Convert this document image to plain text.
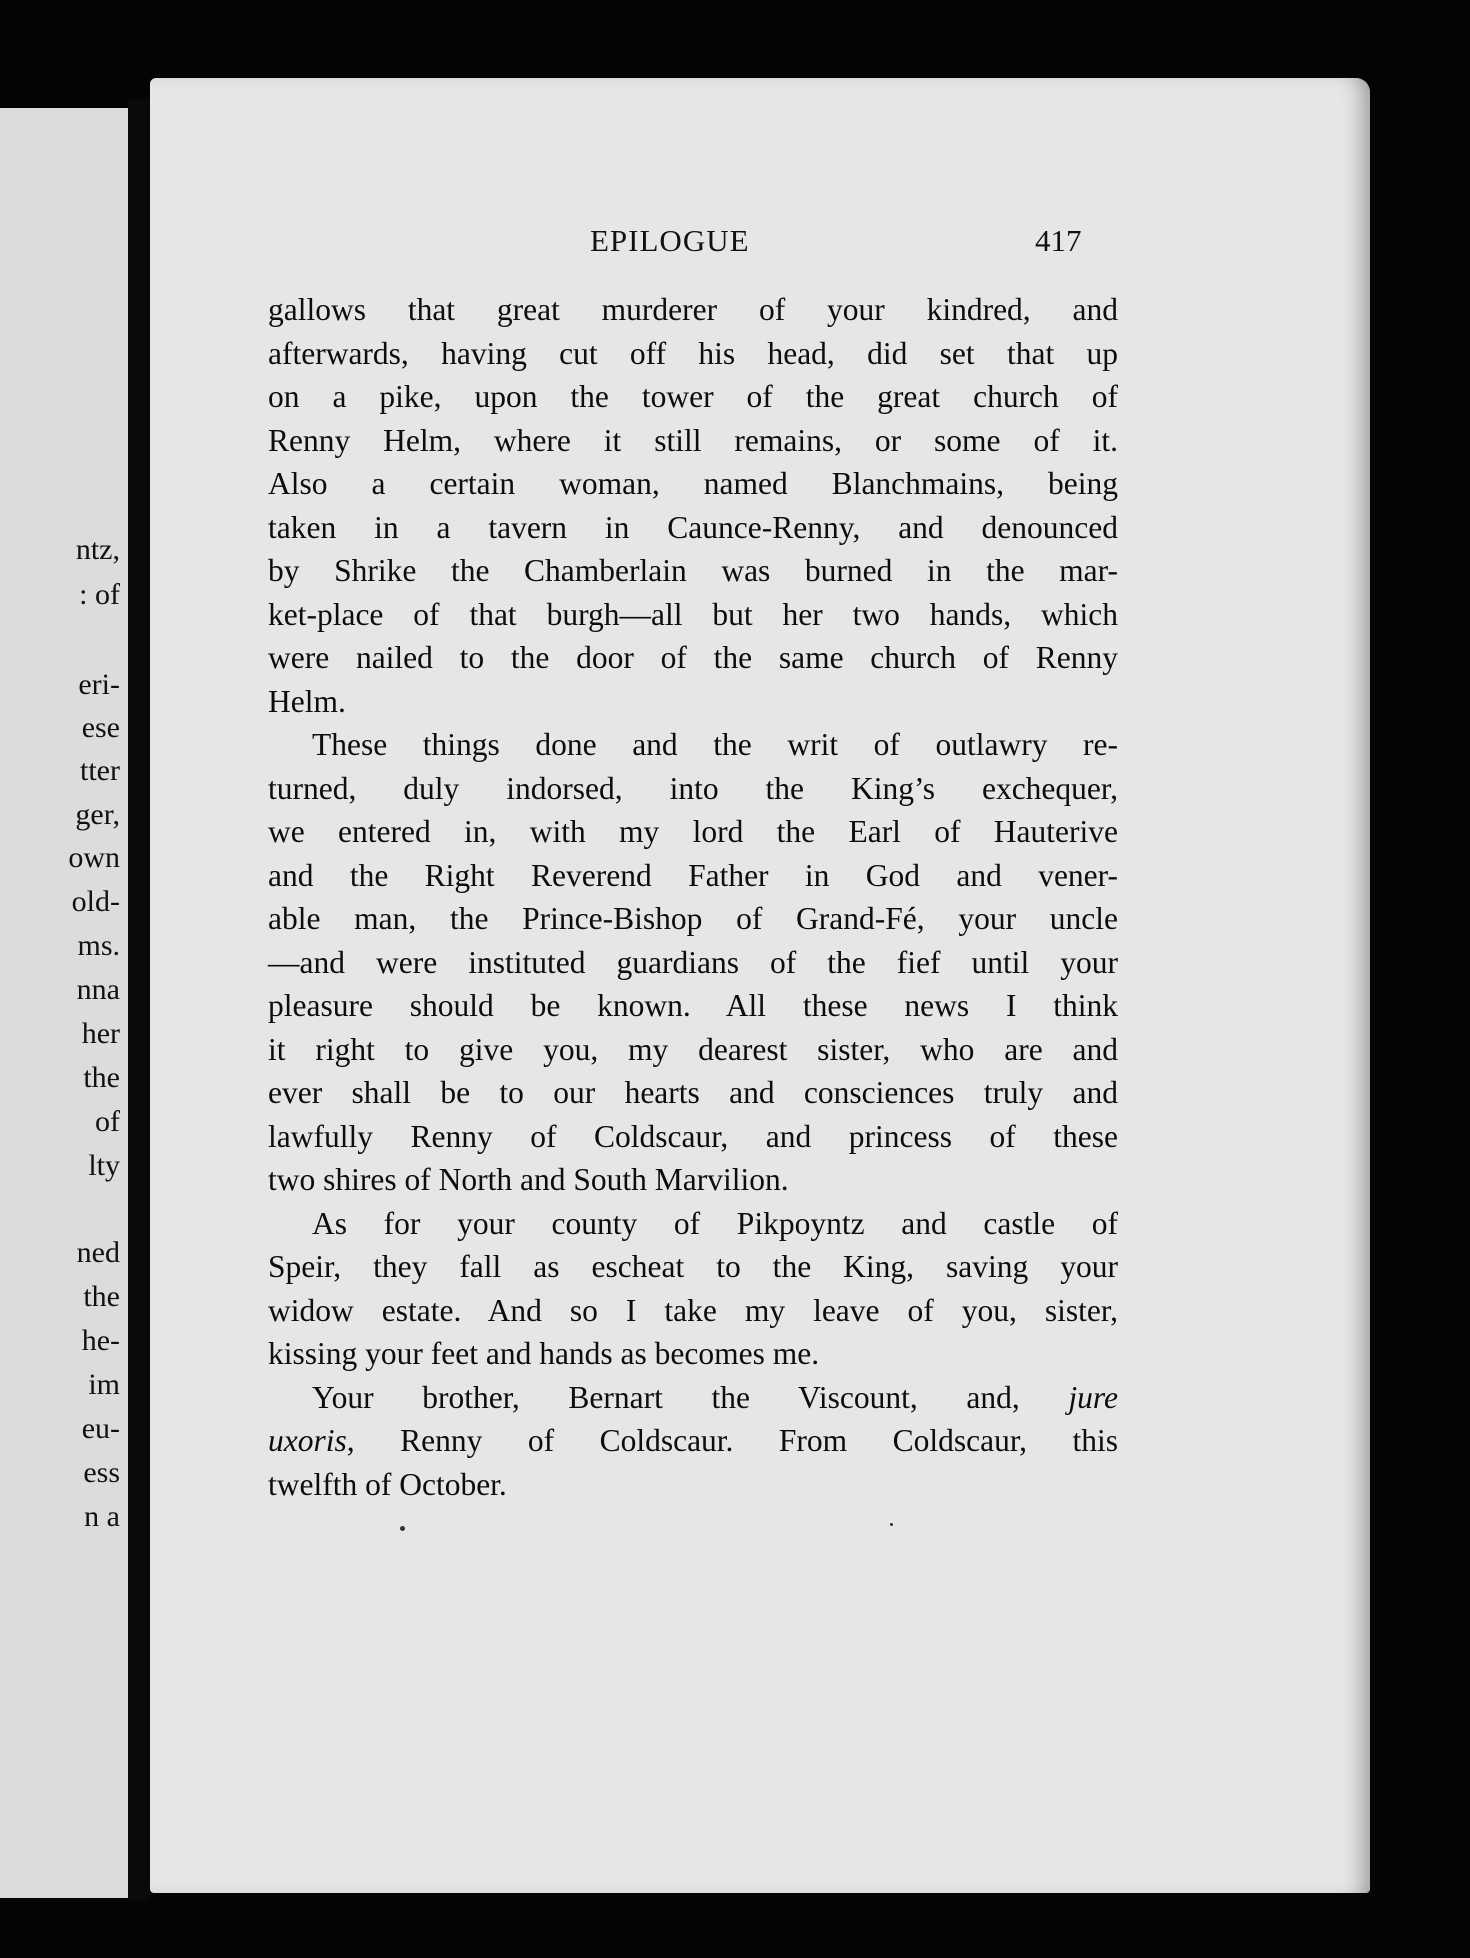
ntz,
: of
eri-
ese
tter
ger,
own
old-
ms.
nna
her
the
of
lty
ned
the
he-
im
eu-
ess
n a
EPILOGUE	417

gallows that great murderer of your kindred, and
afterwards, having cut off his head, did set that up
on a pike, upon the tower of the great church of
Renny Helm, where it still remains, or some of it.
Also a certain woman, named Blanchmains, being
taken in a tavern in Caunce-Renny, and denounced
by Shrike the Chamberlain was burned in the mar-
ket-place of that burgh—all but her two hands, which
were nailed to the door of the same church of Renny
Helm.

These things done and the writ of outlawry re-
turned, duly indorsed, into the King’s exchequer,
we entered in, with my lord the Earl of Hauterive
and the Right Reverend Father in God and vener-
able man, the Prince-Bishop of Grand-Fé, your uncle
—and were instituted guardians of the fief until your
pleasure should be known. All these news I think
it right to give you, my dearest sister, who are and
ever shall be to our hearts and consciences truly and
lawfully Renny of Coldscaur, and princess of these
two shires of North and South Marvilion.

As for your county of Pikpoyntz and castle of
Speir, they fall as escheat to the King, saving your
widow estate. And so I take my leave of you, sister,
kissing your feet and hands as becomes me.

Your brother, Bernart the Viscount, and, jure
uxoris, Renny of Coldscaur. From Coldscaur, this
twelfth of October.
